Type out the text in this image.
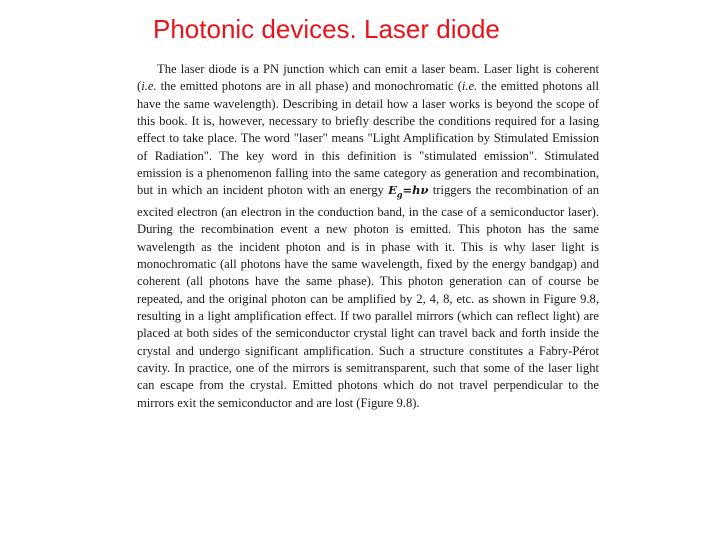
Photonic devices. Laser diode

The laser diode is a PN junction which can emit a laser beam. Laser light is coherent (i.e. the emitted photons are in all phase) and monochromatic (i.e. the emitted photons all have the same wavelength). Describing in detail how a laser works is beyond the scope of this book. It is, however, necessary to briefly describe the conditions required for a lasing effect to take place. The word "laser" means "Light Amplification by Stimulated Emission of Radiation". The key word in this definition is "stimulated emission". Stimulated emission is a phenomenon falling into the same category as generation and recombination, but in which an incident photon with an energy $E_g=h\nu$ triggers the recombination of an excited electron (an electron in the conduction band, in the case of a semiconductor laser). During the recombination event a new photon is emitted. This photon has the same wavelength as the incident photon and is in phase with it. This is why laser light is monochromatic (all photons have the same wavelength, fixed by the energy bandgap) and coherent (all photons have the same phase). This photon generation can of course be repeated, and the original photon can be amplified by 2, 4, 8, etc. as shown in Figure 9.8, resulting in a light amplification effect. If two parallel mirrors (which can reflect light) are placed at both sides of the semiconductor crystal light can travel back and forth inside the crystal and undergo significant amplification. Such a structure constitutes a Fabry-Pérot cavity. In practice, one of the mirrors is semitransparent, such that some of the laser light can escape from the crystal. Emitted photons which do not travel perpendicular to the mirrors exit the semiconductor and are lost (Figure 9.8).
